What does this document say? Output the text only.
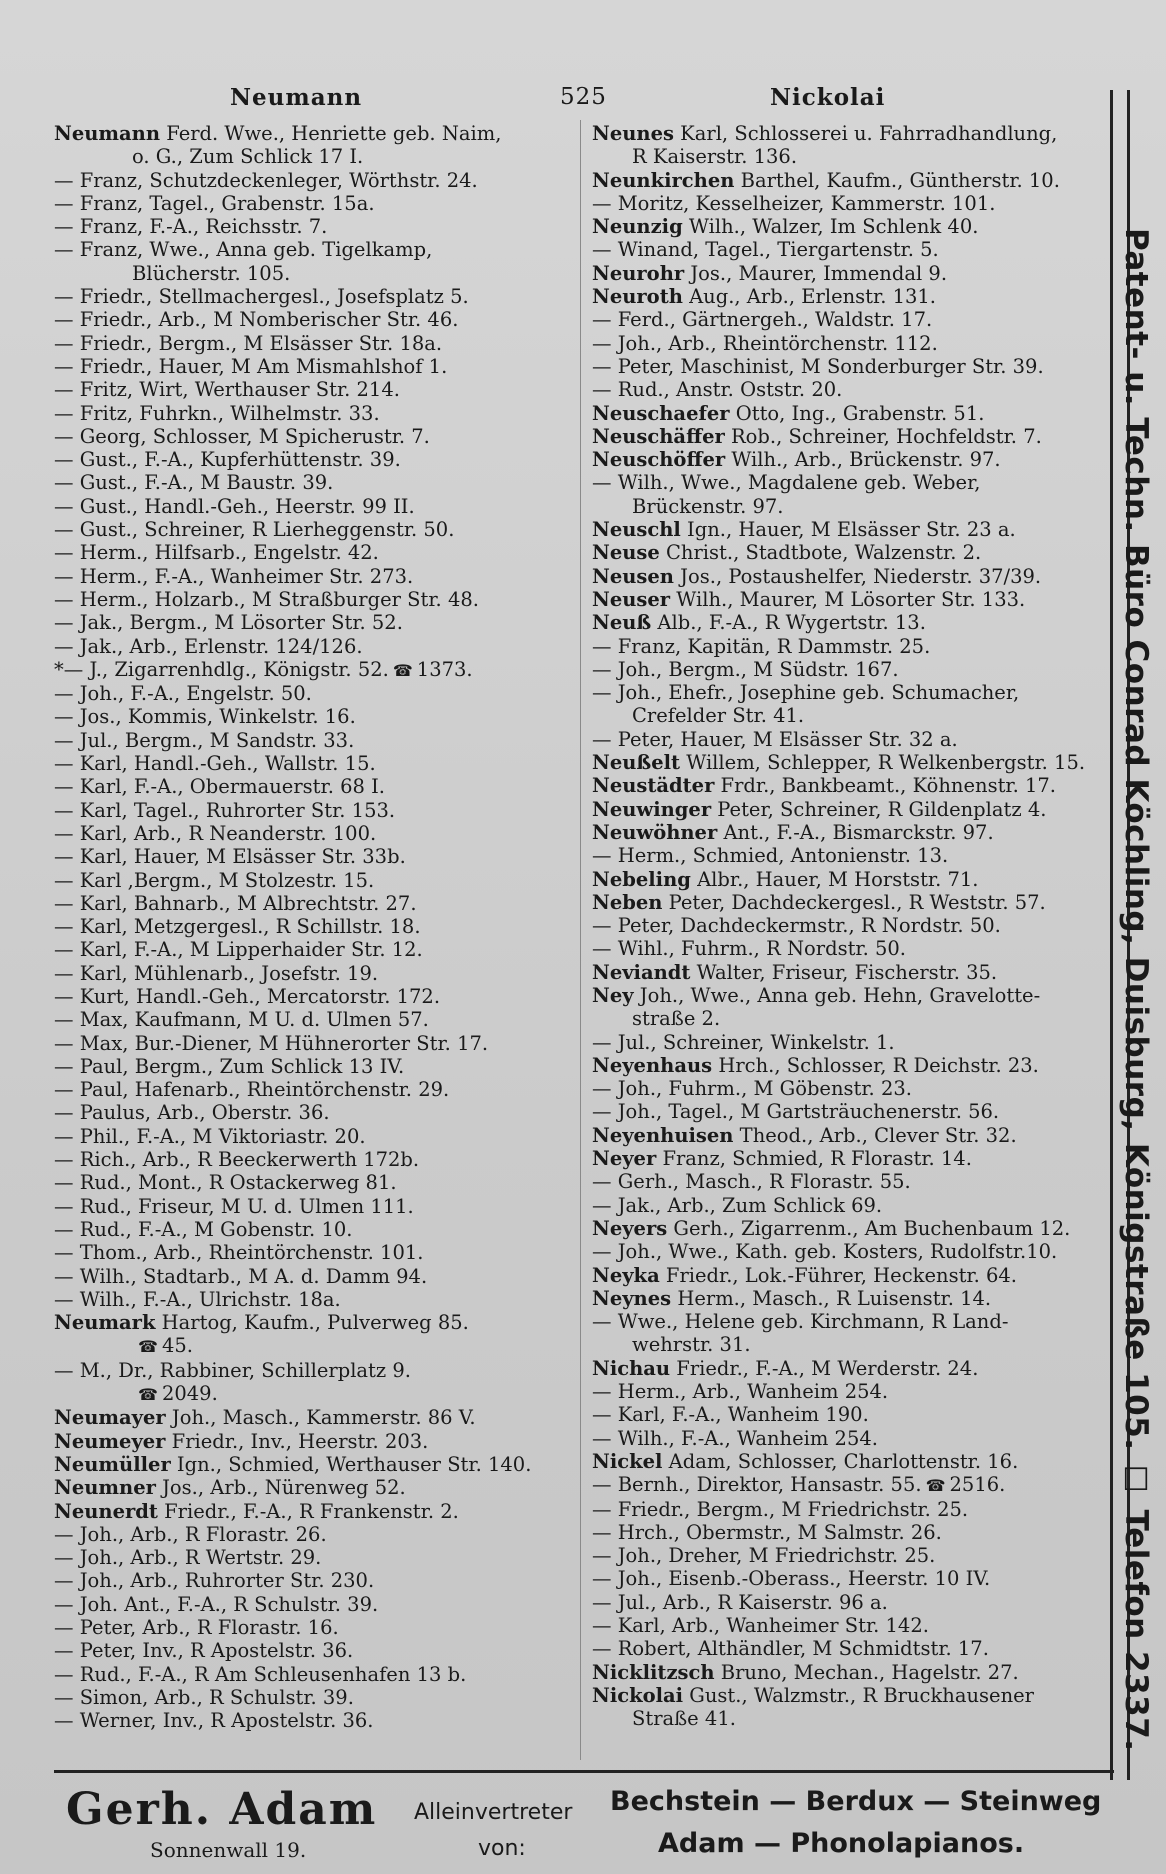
Neumann	525	Nickolai
Neumann Ferd. Wwe., Henriette geb. Naim,
o. G., Zum Schlick 17 I.
— Franz, Schutzdeckenleger, Wörthstr. 24.
— Franz, Tagel., Grabenstr. 15a.
— Franz, F.-A., Reichsstr. 7.
— Franz, Wwe., Anna geb. Tigelkamp,
Blücherstr. 105.
— Friedr., Stellmachergesl., Josefsplatz 5.
— Friedr., Arb., M Nomberischer Str. 46.
— Friedr., Bergm., M Elsässer Str. 18a.
— Friedr., Hauer, M Am Mismahlshof 1.
— Fritz, Wirt, Werthauser Str. 214.
— Fritz, Fuhrkn., Wilhelmstr. 33.
— Georg, Schlosser, M Spicherustr. 7.
— Gust., F.-A., Kupferhüttenstr. 39.
— Gust., F.-A., M Baustr. 39.
— Gust., Handl.-Geh., Heerstr. 99 II.
— Gust., Schreiner, R Lierheggenstr. 50.
— Herm., Hilfsarb., Engelstr. 42.
— Herm., F.-A., Wanheimer Str. 273.
— Herm., Holzarb., M Straßburger Str. 48.
— Jak., Bergm., M Lösorter Str. 52.
— Jak., Arb., Erlenstr. 124/126.
*— J., Zigarrenhdlg., Königstr. 52. ☎ 1373.
— Joh., F.-A., Engelstr. 50.
— Jos., Kommis, Winkelstr. 16.
— Jul., Bergm., M Sandstr. 33.
— Karl, Handl.-Geh., Wallstr. 15.
— Karl, F.-A., Obermauerstr. 68 I.
— Karl, Tagel., Ruhrorter Str. 153.
— Karl, Arb., R Neanderstr. 100.
— Karl, Hauer, M Elsässer Str. 33b.
— Karl ,Bergm., M Stolzestr. 15.
— Karl, Bahnarb., M Albrechtstr. 27.
— Karl, Metzgergesl., R Schillstr. 18.
— Karl, F.-A., M Lipperhaider Str. 12.
— Karl, Mühlenarb., Josefstr. 19.
— Kurt, Handl.-Geh., Mercatorstr. 172.
— Max, Kaufmann, M U. d. Ulmen 57.
— Max, Bur.-Diener, M Hühnerorter Str. 17.
— Paul, Bergm., Zum Schlick 13 IV.
— Paul, Hafenarb., Rheintörchenstr. 29.
— Paulus, Arb., Oberstr. 36.
— Phil., F.-A., M Viktoriastr. 20.
— Rich., Arb., R Beeckerwerth 172b.
— Rud., Mont., R Ostackerweg 81.
— Rud., Friseur, M U. d. Ulmen 111.
— Rud., F.-A., M Gobenstr. 10.
— Thom., Arb., Rheintörchenstr. 101.
— Wilh., Stadtarb., M A. d. Damm 94.
— Wilh., F.-A., Ulrichstr. 18a.
Neumark Hartog, Kaufm., Pulverweg 85.
☎ 45.
— M., Dr., Rabbiner, Schillerplatz 9.
☎ 2049.
Neumayer Joh., Masch., Kammerstr. 86 V.
Neumeyer Friedr., Inv., Heerstr. 203.
Neumüller Ign., Schmied, Werthauser Str. 140.
Neumner Jos., Arb., Nürenweg 52.
Neunerdt Friedr., F.-A., R Frankenstr. 2.
— Joh., Arb., R Florastr. 26.
— Joh., Arb., R Wertstr. 29.
— Joh., Arb., Ruhrorter Str. 230.
— Joh. Ant., F.-A., R Schulstr. 39.
— Peter, Arb., R Florastr. 16.
— Peter, Inv., R Apostelstr. 36.
— Rud., F.-A., R Am Schleusenhafen 13 b.
— Simon, Arb., R Schulstr. 39.
— Werner, Inv., R Apostelstr. 36.
Neunes Karl, Schlosserei u. Fahrradhandlung,
R Kaiserstr. 136.
Neunkirchen Barthel, Kaufm., Güntherstr. 10.
— Moritz, Kesselheizer, Kammerstr. 101.
Neunzig Wilh., Walzer, Im Schlenk 40.
— Winand, Tagel., Tiergartenstr. 5.
Neurohr Jos., Maurer, Immendal 9.
Neuroth Aug., Arb., Erlenstr. 131.
— Ferd., Gärtnergeh., Waldstr. 17.
— Joh., Arb., Rheintörchenstr. 112.
— Peter, Maschinist, M Sonderburger Str. 39.
— Rud., Anstr. Oststr. 20.
Neuschaefer Otto, Ing., Grabenstr. 51.
Neuschäffer Rob., Schreiner, Hochfeldstr. 7.
Neuschöffer Wilh., Arb., Brückenstr. 97.
— Wilh., Wwe., Magdalene geb. Weber,
Brückenstr. 97.
Neuschl Ign., Hauer, M Elsässer Str. 23 a.
Neuse Christ., Stadtbote, Walzenstr. 2.
Neusen Jos., Postaushelfer, Niederstr. 37/39.
Neuser Wilh., Maurer, M Lösorter Str. 133.
Neuß Alb., F.-A., R Wygertstr. 13.
— Franz, Kapitän, R Dammstr. 25.
— Joh., Bergm., M Südstr. 167.
— Joh., Ehefr., Josephine geb. Schumacher,
Crefelder Str. 41.
— Peter, Hauer, M Elsässer Str. 32 a.
Neußelt Willem, Schlepper, R Welkenbergstr. 15.
Neustädter Frdr., Bankbeamt., Köhnenstr. 17.
Neuwinger Peter, Schreiner, R Gildenplatz 4.
Neuwöhner Ant., F.-A., Bismarckstr. 97.
— Herm., Schmied, Antonienstr. 13.
Nebeling Albr., Hauer, M Horststr. 71.
Neben Peter, Dachdeckergesl., R Weststr. 57.
— Peter, Dachdeckermstr., R Nordstr. 50.
— Wihl., Fuhrm., R Nordstr. 50.
Neviandt Walter, Friseur, Fischerstr. 35.
Ney Joh., Wwe., Anna geb. Hehn, Gravelotte-
straße 2.
— Jul., Schreiner, Winkelstr. 1.
Neyenhaus Hrch., Schlosser, R Deichstr. 23.
— Joh., Fuhrm., M Göbenstr. 23.
— Joh., Tagel., M Gartsträuchenerstr. 56.
Neyenhuisen Theod., Arb., Clever Str. 32.
Neyer Franz, Schmied, R Florastr. 14.
— Gerh., Masch., R Florastr. 55.
— Jak., Arb., Zum Schlick 69.
Neyers Gerh., Zigarrenm., Am Buchenbaum 12.
— Joh., Wwe., Kath. geb. Kosters, Rudolfstr.10.
Neyka Friedr., Lok.-Führer, Heckenstr. 64.
Neynes Herm., Masch., R Luisenstr. 14.
— Wwe., Helene geb. Kirchmann, R Land-
wehrstr. 31.
Nichau Friedr., F.-A., M Werderstr. 24.
— Herm., Arb., Wanheim 254.
— Karl, F.-A., Wanheim 190.
— Wilh., F.-A., Wanheim 254.
Nickel Adam, Schlosser, Charlottenstr. 16.
— Bernh., Direktor, Hansastr. 55. ☎ 2516.
— Friedr., Bergm., M Friedrichstr. 25.
— Hrch., Obermstr., M Salmstr. 26.
— Joh., Dreher, M Friedrichstr. 25.
— Joh., Eisenb.-Oberass., Heerstr. 10 IV.
— Jul., Arb., R Kaiserstr. 96 a.
— Karl, Arb., Wanheimer Str. 142.
— Robert, Althändler, M Schmidtstr. 17.
Nicklitzsch Bruno, Mechan., Hagelstr. 27.
Nickolai Gust., Walzmstr., R Bruckhausener
Straße 41.	Patent- u. Techn. Büro Conrad Köchling, Duisburg, Königstraße 105. ☐ Telefon 2337.
Gerh. Adam
Sonnenwall 19.
Alleinvertreter
von:
Bechstein — Berdux — Steinweg
Adam — Phonolapianos.
